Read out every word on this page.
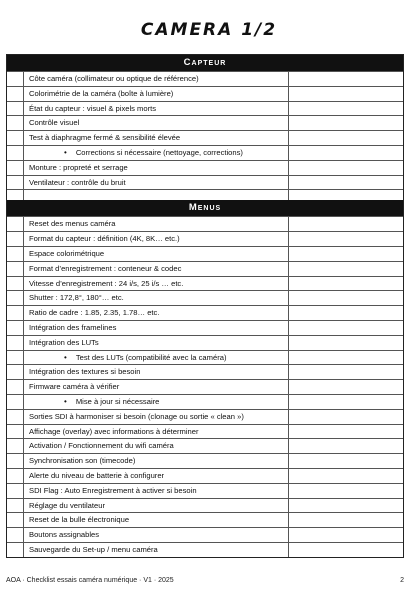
CAMERA 1/2
Capteur
Côte caméra (collimateur ou optique de référence)
Colorimétrie de la caméra (boîte à lumière)
État du capteur : visuel & pixels morts
Contrôle visuel
Test à diaphragme fermé & sensibilité élevée
• Corrections si nécessaire (nettoyage, corrections)
Monture : propreté et serrage
Ventilateur : contrôle du bruit
Menus
Reset des menus caméra
Format du capteur : définition (4K, 8K… etc.)
Espace colorimétrique
Format d’enregistrement : conteneur & codec
Vitesse d’enregistrement : 24 i/s, 25 i/s … etc.
Shutter : 172,8°, 180°… etc.
Ratio de cadre : 1.85, 2.35, 1.78… etc.
Intégration des framelines
Intégration des LUTs
• Test des LUTs (compatibilité avec la caméra)
Intégration des textures si besoin
Firmware caméra à vérifier
• Mise à jour si nécessaire
Sorties SDI à harmoniser si besoin (clonage ou sortie « clean »)
Affichage (overlay) avec informations à déterminer
Activation / Fonctionnement du wifi caméra
Synchronisation son (timecode)
Alerte du niveau de batterie à configurer
SDI Flag : Auto Enregistrement à activer si besoin
Réglage du ventilateur
Reset de la bulle électronique
Boutons assignables
Sauvegarde du Set-up / menu caméra
AOA · Checklist essais caméra numérique · V1 · 2025	2
